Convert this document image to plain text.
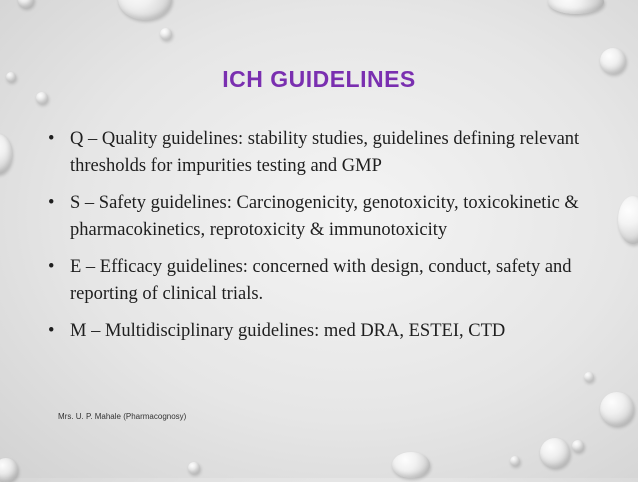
ICH GUIDELINES
• Q – Quality guidelines: stability studies, guidelines defining relevant thresholds for impurities testing and GMP
• S – Safety guidelines: Carcinogenicity, genotoxicity, toxicokinetic & pharmacokinetics, reprotoxicity & immunotoxicity
• E – Efficacy guidelines: concerned with design, conduct, safety and reporting of clinical trials.
• M – Multidisciplinary guidelines: med DRA, ESTEI, CTD
Mrs. U. P. Mahale (Pharmacognosy)
